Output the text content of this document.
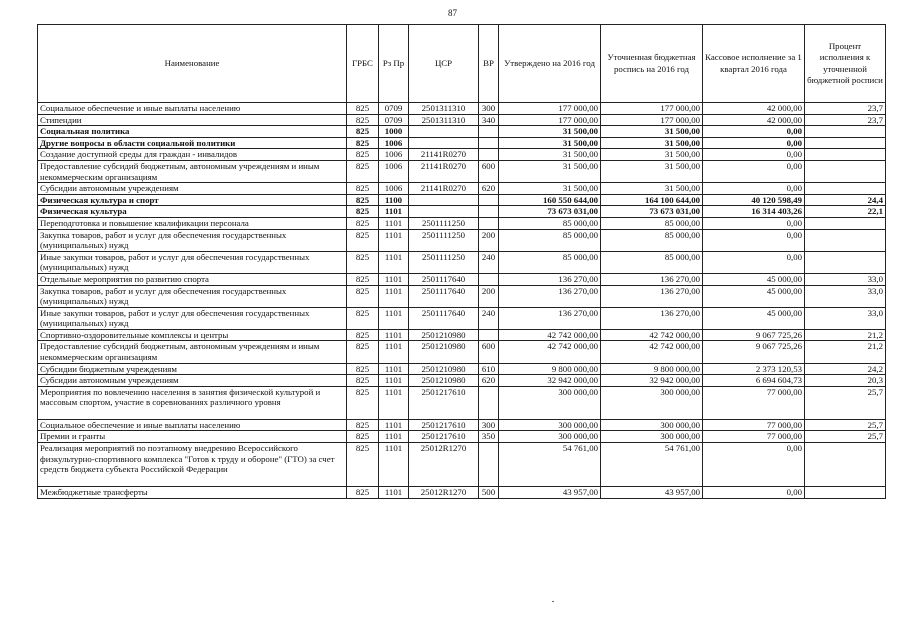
87
Наименование	ГРБС	Рз Пр	ЦСР	ВР	Утверждено на 2016 год	Уточненная бюджетная роспись на 2016 год	Кассовое исполнение за 1 квартал 2016 года	Процент исполнения к уточненной бюджетной росписи
Социальное обеспечение и иные выплаты населению	825	0709	2501311310	300	177 000,00	177 000,00	42 000,00	23,7
Стипендии	825	0709	2501311310	340	177 000,00	177 000,00	42 000,00	23,7
Социальная политика	825	1000			31 500,00	31 500,00	0,00	
Другие вопросы в области социальной политики	825	1006			31 500,00	31 500,00	0,00	
Создание доступной среды для граждан - инвалидов	825	1006	21141R0270		31 500,00	31 500,00	0,00	
Предоставление субсидий бюджетным, автономным учреждениям и иным некоммерческим организациям	825	1006	21141R0270	600	31 500,00	31 500,00	0,00	
Субсидии автономным учреждениям	825	1006	21141R0270	620	31 500,00	31 500,00	0,00	
Физическая культура и спорт	825	1100			160 550 644,00	164 100 644,00	40 120 598,49	24,4
Физическая культура	825	1101			73 673 031,00	73 673 031,00	16 314 403,26	22,1
Переподготовка и повышение квалификации персонала	825	1101	2501111250		85 000,00	85 000,00	0,00	
Закупка товаров, работ и услуг для обеспечения государственных (муниципальных) нужд	825	1101	2501111250	200	85 000,00	85 000,00	0,00	
Иные закупки товаров, работ и услуг для обеспечения государственных (муниципальных) нужд	825	1101	2501111250	240	85 000,00	85 000,00	0,00	
Отдельные мероприятия по развитию спорта	825	1101	2501117640		136 270,00	136 270,00	45 000,00	33,0
Закупка товаров, работ и услуг для обеспечения государственных (муниципальных) нужд	825	1101	2501117640	200	136 270,00	136 270,00	45 000,00	33,0
Иные закупки товаров, работ и услуг для обеспечения государственных (муниципальных) нужд	825	1101	2501117640	240	136 270,00	136 270,00	45 000,00	33,0
Спортивно-оздоровительные комплексы и центры	825	1101	2501210980		42 742 000,00	42 742 000,00	9 067 725,26	21,2
Предоставление субсидий бюджетным, автономным учреждениям и иным некоммерческим организациям	825	1101	2501210980	600	42 742 000,00	42 742 000,00	9 067 725,26	21,2
Субсидии бюджетным учреждениям	825	1101	2501210980	610	9 800 000,00	9 800 000,00	2 373 120,53	24,2
Субсидии автономным учреждениям	825	1101	2501210980	620	32 942 000,00	32 942 000,00	6 694 604,73	20,3
Мероприятия по вовлечению населения в занятия физической культурой и массовым спортом, участие в соревнованиях различного уровня	825	1101	2501217610		300 000,00	300 000,00	77 000,00	25,7
Социальное обеспечение и иные выплаты населению	825	1101	2501217610	300	300 000,00	300 000,00	77 000,00	25,7
Премии и гранты	825	1101	2501217610	350	300 000,00	300 000,00	77 000,00	25,7
Реализация мероприятий по поэтапному внедрению Всероссийского физкультурно-спортивного комплекса "Готов к труду и обороне" (ГТО) за счет средств бюджета субъекта Российской Федерации	825	1101	25012R1270		54 761,00	54 761,00	0,00	
Межбюджетные трансферты	825	1101	25012R1270	500	43 957,00	43 957,00	0,00	
